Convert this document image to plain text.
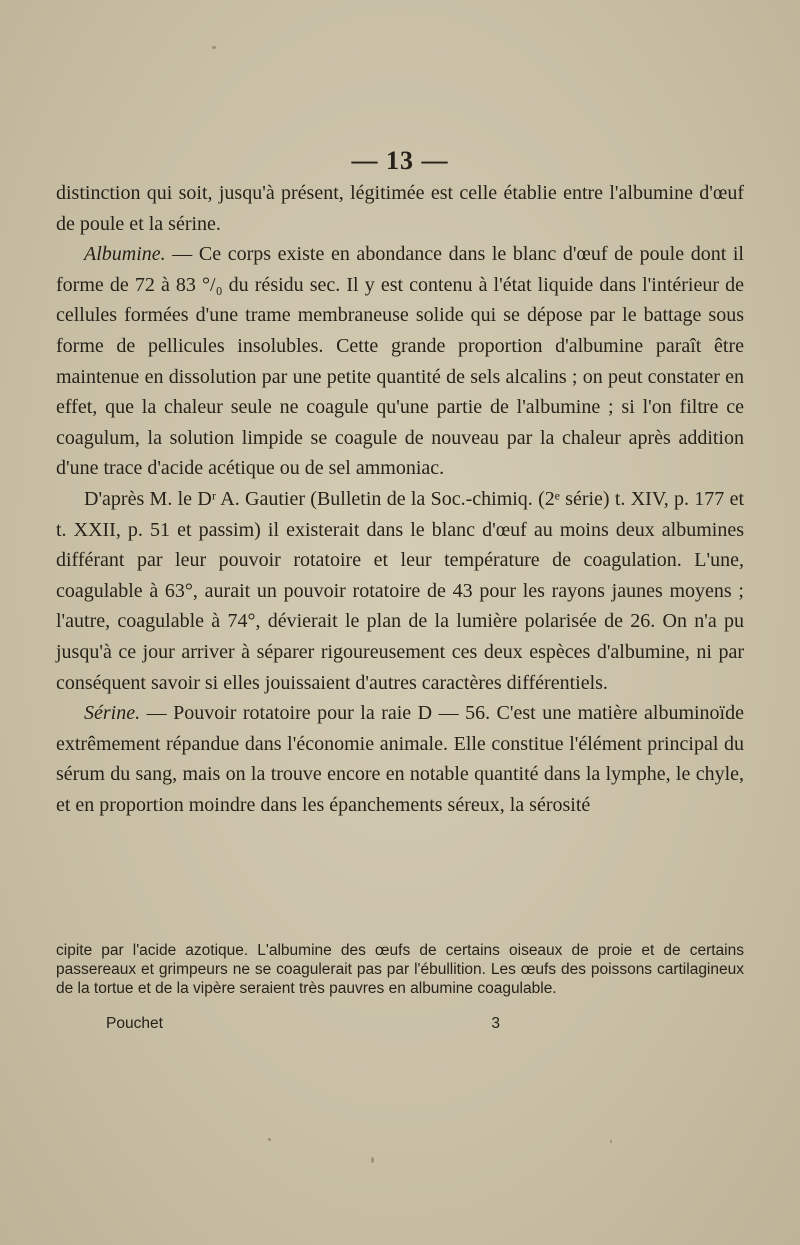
— 13 —

distinction qui soit, jusqu'à présent, légitimée est celle établie entre l'albumine d'œuf de poule et la sérine.

Albumine. — Ce corps existe en abondance dans le blanc d'œuf de poule dont il forme de 72 à 83 °/₀ du résidu sec. Il y est contenu à l'état liquide dans l'intérieur de cellules formées d'une trame membraneuse solide qui se dépose par le battage sous forme de pellicules insolubles. Cette grande proportion d'albumine paraît être maintenue en dissolution par une petite quantité de sels alcalins ; on peut constater en effet, que la chaleur seule ne coagule qu'une partie de l'albumine ; si l'on filtre ce coagulum, la solution limpide se coagule de nouveau par la chaleur après addition d'une trace d'acide acétique ou de sel ammoniac.

D'après M. le Dʳ A. Gautier (Bulletin de la Soc.-chimiq. (2ᵉ série) t. XIV, p. 177 et t. XXII, p. 51 et passim) il existerait dans le blanc d'œuf au moins deux albumines différant par leur pouvoir rotatoire et leur température de coagulation. L'une, coagulable à 63°, aurait un pouvoir rotatoire de 43 pour les rayons jaunes moyens ; l'autre, coagulable à 74°, dévierait le plan de la lumière polarisée de 26. On n'a pu jusqu'à ce jour arriver à séparer rigoureusement ces deux espèces d'albumine, ni par conséquent savoir si elles jouissaient d'autres caractères différentiels.

Sérine. — Pouvoir rotatoire pour la raie D — 56. C'est une matière albuminoïde extrêmement répandue dans l'économie animale. Elle constitue l'élément principal du sérum du sang, mais on la trouve encore en notable quantité dans la lymphe, le chyle, et en proportion moindre dans les épanchements séreux, la sérosité

cipite par l'acide azotique. L'albumine des œufs de certains oiseaux de proie et de certains passereaux et grimpeurs ne se coagulerait pas par l'ébullition. Les œufs des poissons cartilagineux de la tortue et de la vipère seraient très pauvres en albumine coagulable.

Pouchet	3
